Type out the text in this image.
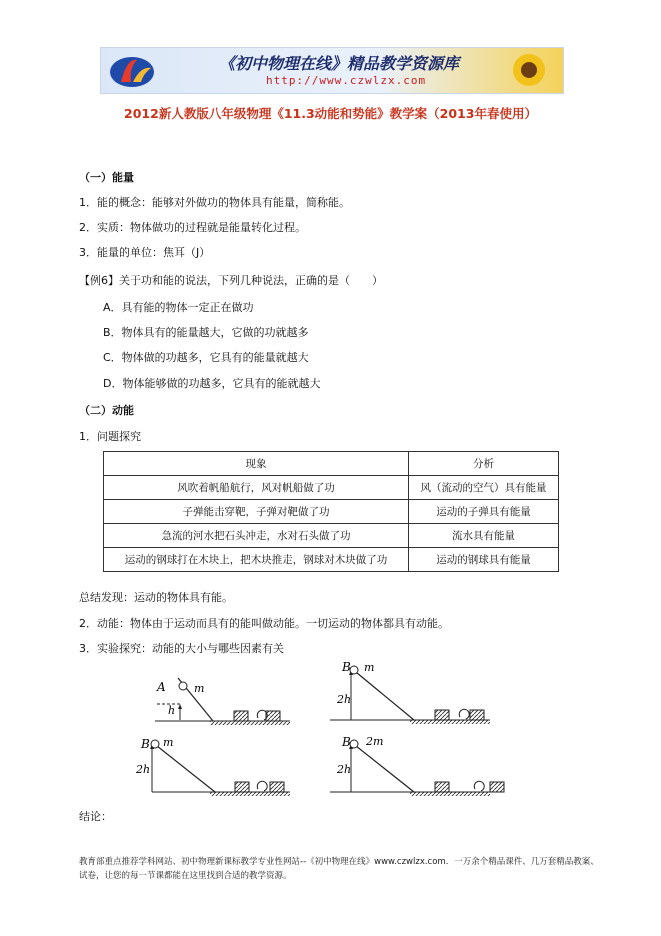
《初中物理在线》精品教学资源库
http://www.czwlzx.com
2012新人教版八年级物理《11.3动能和势能》教学案（2013年春使用）
（一）能量
1．能的概念：能够对外做功的物体具有能量，简称能。
2．实质：物体做功的过程就是能量转化过程。
3．能量的单位：焦耳（J）
【例6】关于功和能的说法，下列几种说法，正确的是（　　）
A．具有能的物体一定正在做功
B．物体具有的能量越大，它做的功就越多
C．物体做的功越多，它具有的能量就越大
D．物体能够做的功越多，它具有的能就越大
（二）动能
1．问题探究
现象	分析
风吹着帆船航行，风对帆船做了功	风（流动的空气）具有能量
子弹能击穿靶，子弹对靶做了功	运动的子弹具有能量
急流的河水把石头冲走，水对石头做了功	流水具有能量
运动的钢球打在木块上，把木块推走，钢球对木块做了功	运动的钢球具有能量
总结发现：运动的物体具有能。
2．动能：物体由于运动而具有的能叫做动能。一切运动的物体都具有动能。
3．实验探究：动能的大小与哪些因素有关
A	m
h
B m
2h
B m
2h
B 2m
2h
结论：
教育部重点推荐学科网站、初中物理新课标教学专业性网站--《初中物理在线》www.czwlzx.com．一万余个精品课件、几万套精品教案、试卷，让您的每一节课都能在这里找到合适的教学资源。
